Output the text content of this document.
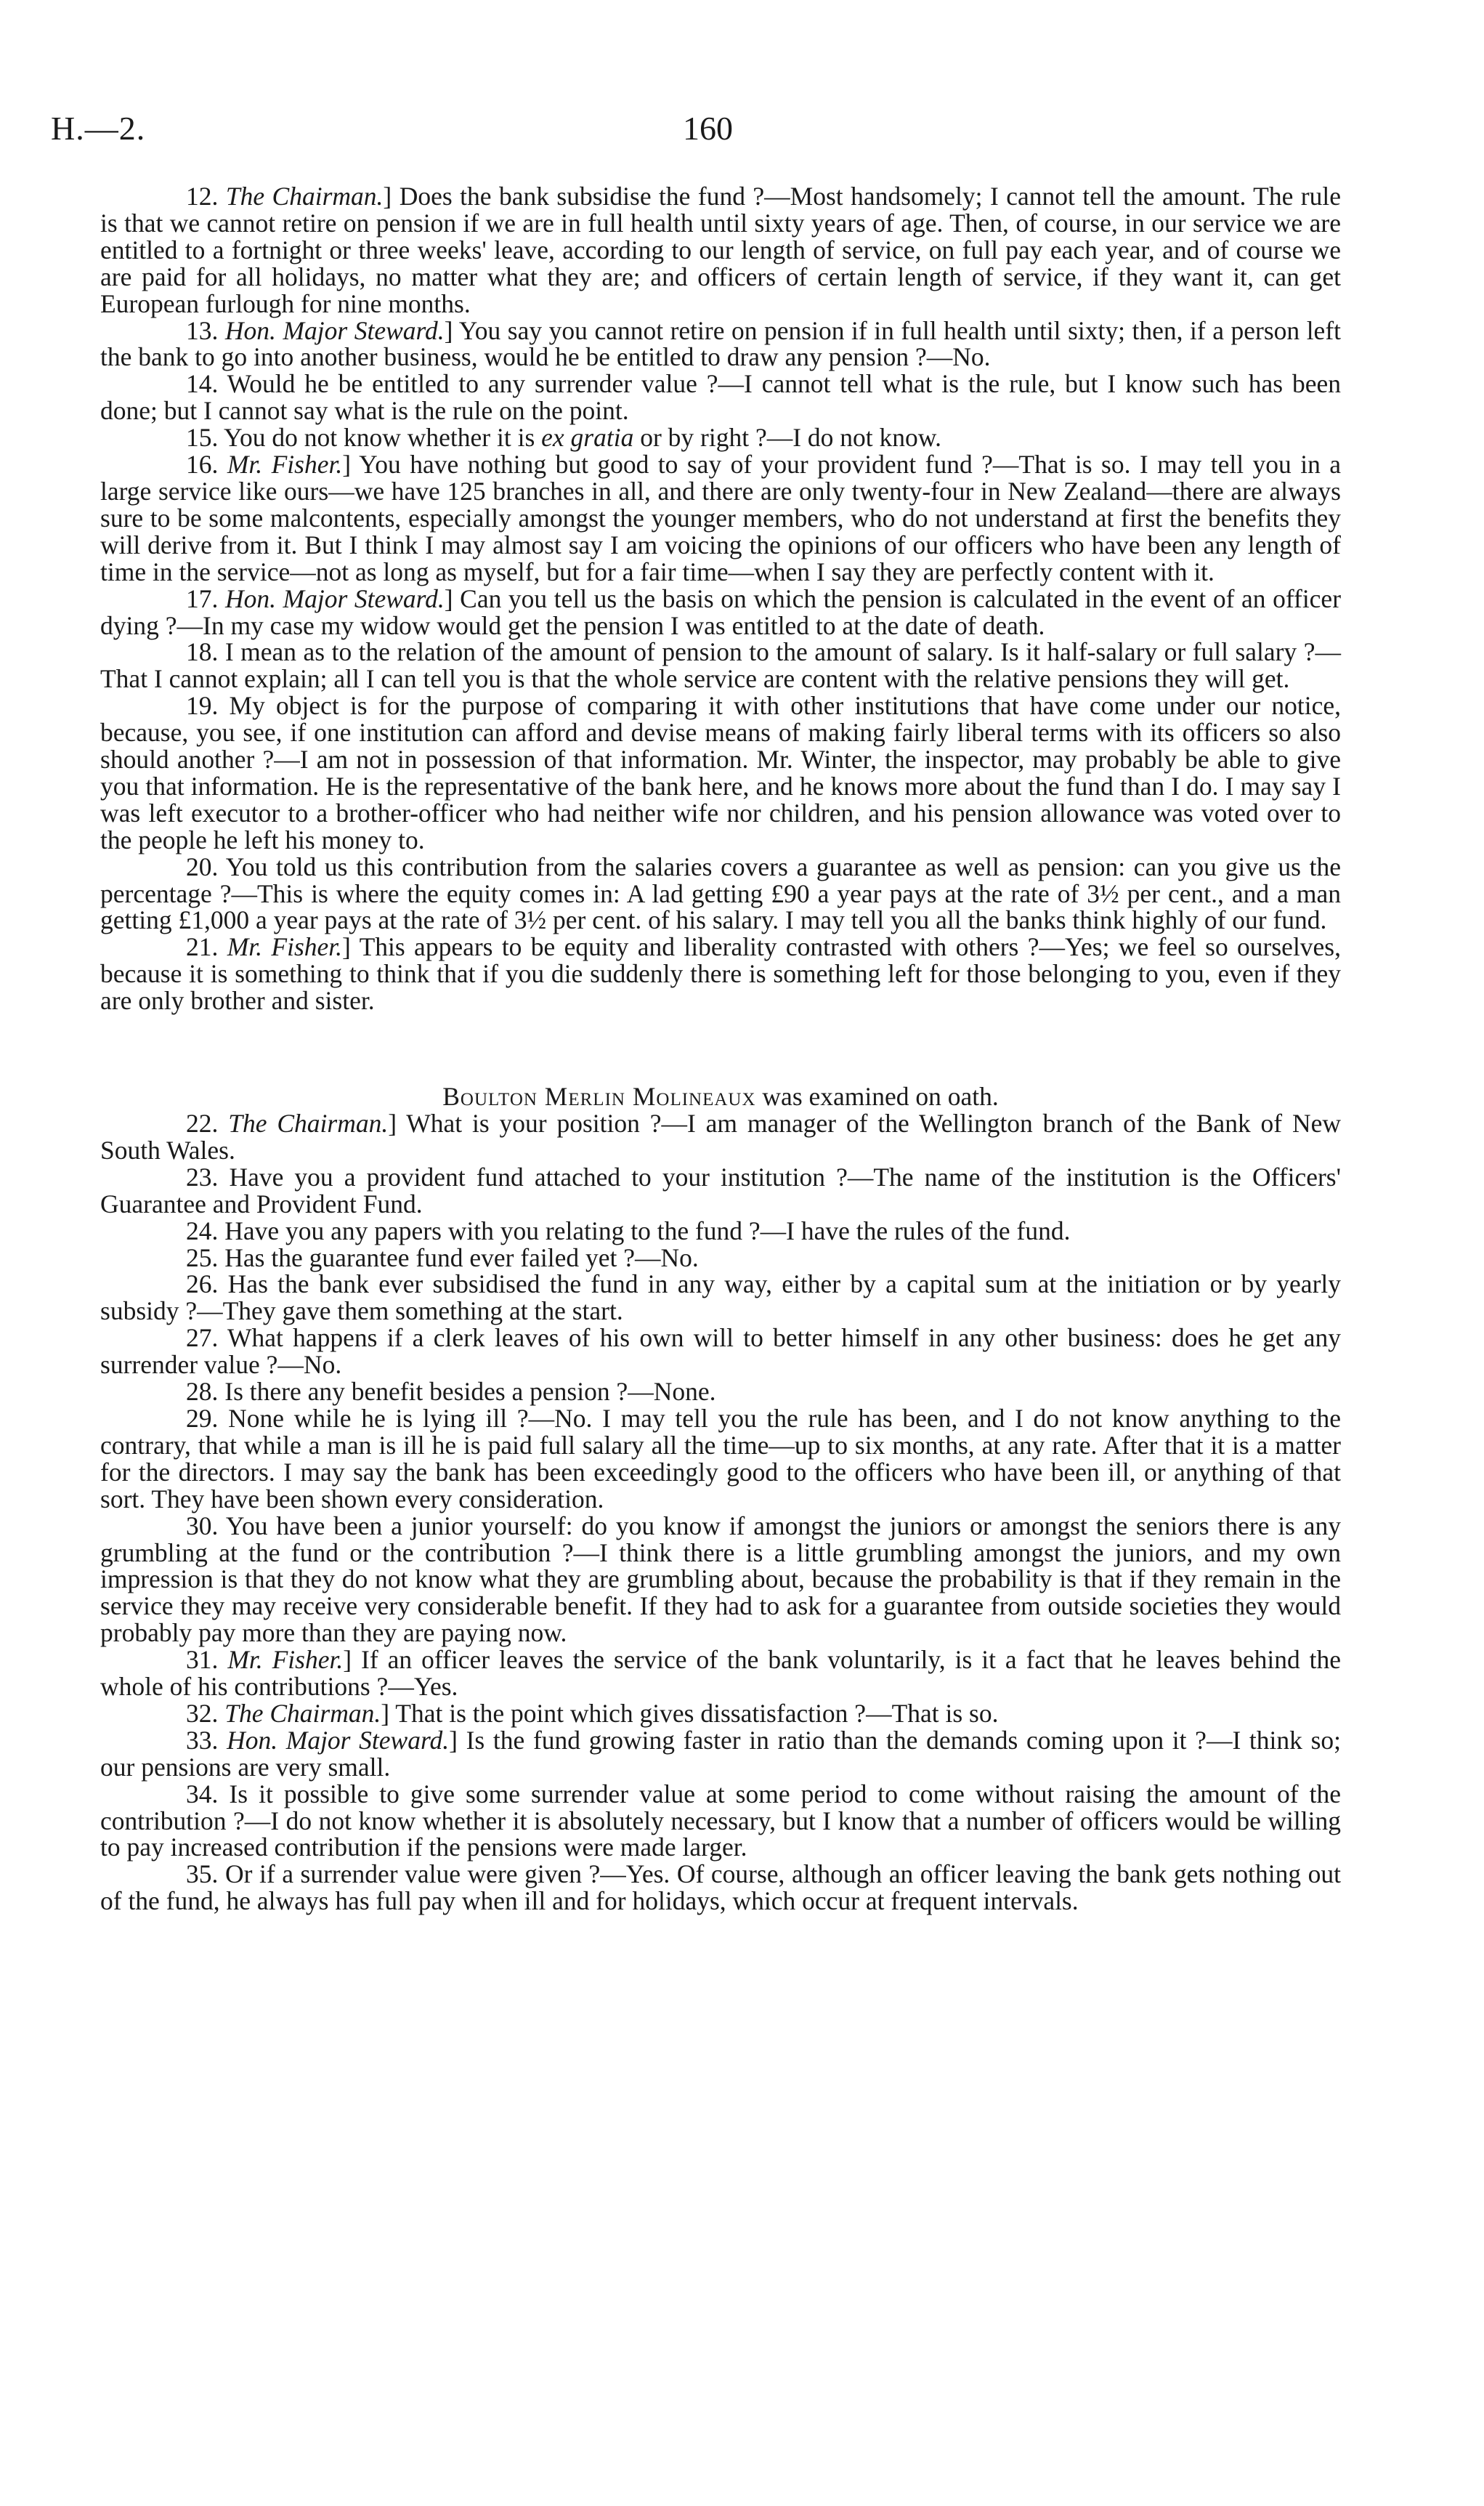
H.—2.	160

12. The Chairman.] Does the bank subsidise the fund ?—Most handsomely; I cannot tell the amount. The rule is that we cannot retire on pension if we are in full health until sixty years of age. Then, of course, in our service we are entitled to a fortnight or three weeks' leave, according to our length of service, on full pay each year, and of course we are paid for all holidays, no matter what they are; and officers of certain length of service, if they want it, can get European furlough for nine months.

13. Hon. Major Steward.] You say you cannot retire on pension if in full health until sixty; then, if a person left the bank to go into another business, would he be entitled to draw any pension ?—No.

14. Would he be entitled to any surrender value ?—I cannot tell what is the rule, but I know such has been done; but I cannot say what is the rule on the point.

15. You do not know whether it is ex gratia or by right ?—I do not know.

16. Mr. Fisher.] You have nothing but good to say of your provident fund ?—That is so. I may tell you in a large service like ours—we have 125 branches in all, and there are only twenty-four in New Zealand—there are always sure to be some malcontents, especially amongst the younger members, who do not understand at first the benefits they will derive from it. But I think I may almost say I am voicing the opinions of our officers who have been any length of time in the service—not as long as myself, but for a fair time—when I say they are perfectly content with it.

17. Hon. Major Steward.] Can you tell us the basis on which the pension is calculated in the event of an officer dying ?—In my case my widow would get the pension I was entitled to at the date of death.

18. I mean as to the relation of the amount of pension to the amount of salary. Is it half-salary or full salary ?—That I cannot explain; all I can tell you is that the whole service are content with the relative pensions they will get.

19. My object is for the purpose of comparing it with other institutions that have come under our notice, because, you see, if one institution can afford and devise means of making fairly liberal terms with its officers so also should another ?—I am not in possession of that information. Mr. Winter, the inspector, may probably be able to give you that information. He is the representative of the bank here, and he knows more about the fund than I do. I may say I was left executor to a brother-officer who had neither wife nor children, and his pension allowance was voted over to the people he left his money to.

20. You told us this contribution from the salaries covers a guarantee as well as pension: can you give us the percentage ?—This is where the equity comes in: A lad getting £90 a year pays at the rate of 3½ per cent., and a man getting £1,000 a year pays at the rate of 3½ per cent. of his salary. I may tell you all the banks think highly of our fund.

21. Mr. Fisher.] This appears to be equity and liberality contrasted with others ?—Yes; we feel so ourselves, because it is something to think that if you die suddenly there is something left for those belonging to you, even if they are only brother and sister.

Boulton Merlin Molineaux was examined on oath.

22. The Chairman.] What is your position ?—I am manager of the Wellington branch of the Bank of New South Wales.

23. Have you a provident fund attached to your institution ?—The name of the institution is the Officers' Guarantee and Provident Fund.

24. Have you any papers with you relating to the fund ?—I have the rules of the fund.

25. Has the guarantee fund ever failed yet ?—No.

26. Has the bank ever subsidised the fund in any way, either by a capital sum at the initiation or by yearly subsidy ?—They gave them something at the start.

27. What happens if a clerk leaves of his own will to better himself in any other business: does he get any surrender value ?—No.

28. Is there any benefit besides a pension ?—None.

29. None while he is lying ill ?—No. I may tell you the rule has been, and I do not know anything to the contrary, that while a man is ill he is paid full salary all the time—up to six months, at any rate. After that it is a matter for the directors. I may say the bank has been exceedingly good to the officers who have been ill, or anything of that sort. They have been shown every consideration.

30. You have been a junior yourself: do you know if amongst the juniors or amongst the seniors there is any grumbling at the fund or the contribution ?—I think there is a little grumbling amongst the juniors, and my own impression is that they do not know what they are grumbling about, because the probability is that if they remain in the service they may receive very considerable benefit. If they had to ask for a guarantee from outside societies they would probably pay more than they are paying now.

31. Mr. Fisher.] If an officer leaves the service of the bank voluntarily, is it a fact that he leaves behind the whole of his contributions ?—Yes.

32. The Chairman.] That is the point which gives dissatisfaction ?—That is so.

33. Hon. Major Steward.] Is the fund growing faster in ratio than the demands coming upon it ?—I think so; our pensions are very small.

34. Is it possible to give some surrender value at some period to come without raising the amount of the contribution ?—I do not know whether it is absolutely necessary, but I know that a number of officers would be willing to pay increased contribution if the pensions were made larger.

35. Or if a surrender value were given ?—Yes. Of course, although an officer leaving the bank gets nothing out of the fund, he always has full pay when ill and for holidays, which occur at frequent intervals.
